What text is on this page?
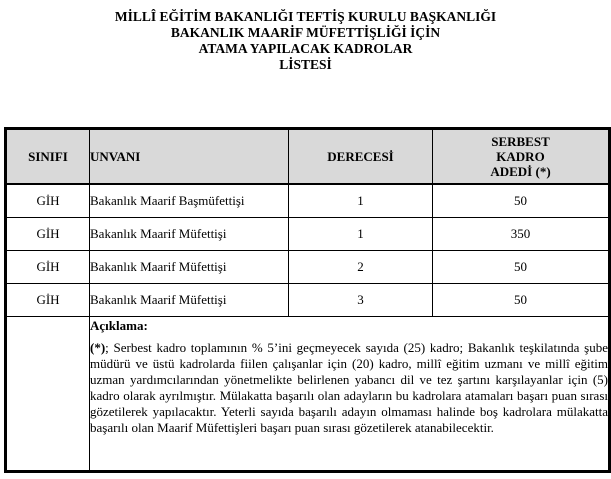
MİLLÎ EĞİTİM BAKANLIĞI TEFTİŞ KURULU BAŞKANLIĞI
BAKANLIK MAARİF MÜFETTİŞLİĞİ İÇİN
ATAMA YAPILACAK KADROLAR
LİSTESİ
SINIFI	UNVANI	DERECESİ	SERBEST
KADRO
ADEDİ (*)

GİH	Bakanlık Maarif Başmüfettişi	1	50
GİH	Bakanlık Maarif Müfettişi	1	350
GİH	Bakanlık Maarif Müfettişi	2	50
GİH	Bakanlık Maarif Müfettişi	3	50

	Açıklama:
(*); Serbest kadro toplamının % 5’ini geçmeyecek sayıda (25) kadro; Bakanlık teşkilatında şube müdürü ve üstü kadrolarda fiilen çalışanlar için (20) kadro, millî eğitim uzmanı ve millî eğitim uzman yardımcılarından yönetmelikte belirlenen yabancı dil ve tez şartını karşılayanlar için (5) kadro olarak ayrılmıştır. Mülakatta başarılı olan adayların bu kadrolara atamaları başarı puan sırası gözetilerek yapılacaktır. Yeterli sayıda başarılı adayın olmaması halinde boş kadrolara mülakatta başarılı olan Maarif Müfettişleri başarı puan sırası gözetilerek atanabilecektir.		
